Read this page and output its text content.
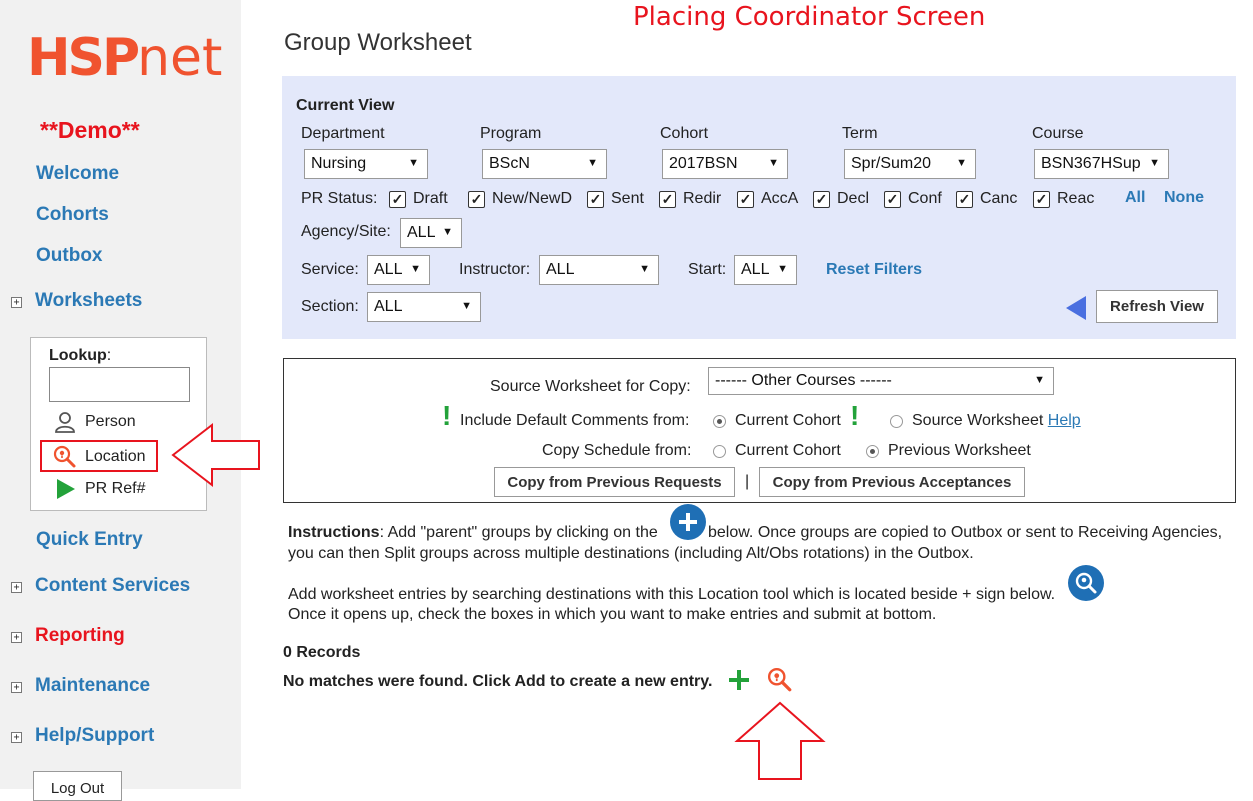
HSPnet
**Demo**
Welcome
Cohorts
Outbox
+ Worksheets
Lookup:
Person
Location
PR Ref#
Quick Entry
+ Content Services
+ Reporting
+ Maintenance
+ Help/Support
Log Out
Placing Coordinator Screen
Group Worksheet
Current View
Department	Program	Cohort	Term	Course
Nursing	▼	BScN	▼	2017BSN	▼	Spr/Sum20 ▼	BSN367HSup ▼
PR Status: ✓ Draft ✓ New/NewD ✓ Sent ✓ Redir ✓ AccA ✓ Decl ✓ Conf ✓ Canc ✓ Reac All None
Agency/Site:	ALL ▼
Service: ALL ▼ Instructor: ALL	▼ Start: ALL ▼ Reset Filters
Section: ALL	▼	Refresh View
Source Worksheet for Copy:	------ Other Courses ------	▼
! Include Default Comments from:	Current Cohort !	Source Worksheet
Help
Copy Schedule from:	Current Cohort	Previous Worksheet
Copy from Previous Requests	|	Copy from Previous Acceptances
Instructions: Add "parent" groups by clicking on the	below. Once groups are copied to Outbox or sent to Receiving Agencies,
you can then Split groups across multiple destinations (including Alt/Obs rotations) in the Outbox.
Add worksheet entries by searching destinations with this Location tool which is located beside + sign below.
Once it opens up, check the boxes in which you want to make entries and submit at bottom.
0 Records
No matches were found. Click Add to create a new entry.
